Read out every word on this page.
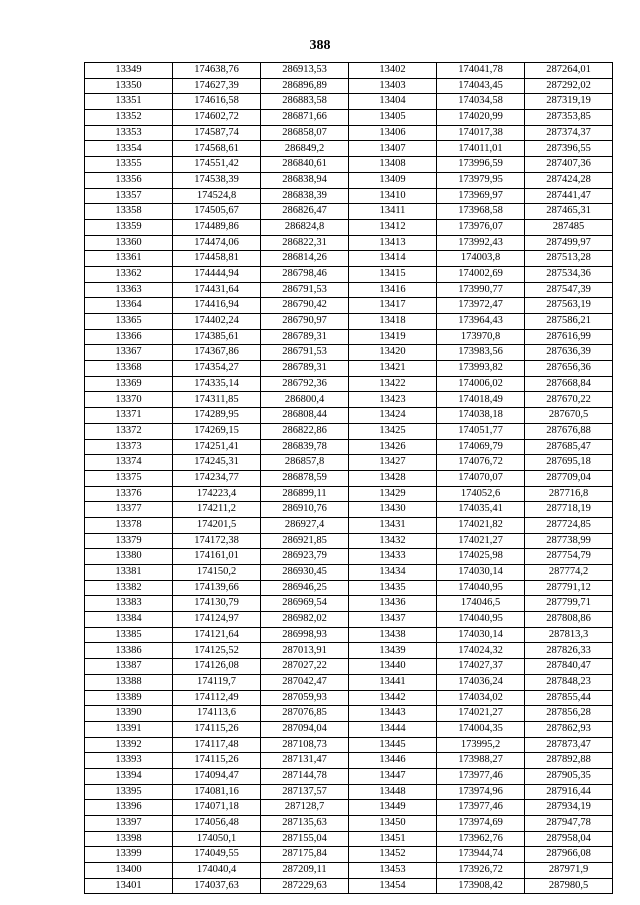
388
13349	174638,76	286913,53	13402	174041,78	287264,01
13350	174627,39	286896,89	13403	174043,45	287292,02
13351	174616,58	286883,58	13404	174034,58	287319,19
13352	174602,72	286871,66	13405	174020,99	287353,85
13353	174587,74	286858,07	13406	174017,38	287374,37
13354	174568,61	286849,2	13407	174011,01	287396,55
13355	174551,42	286840,61	13408	173996,59	287407,36
13356	174538,39	286838,94	13409	173979,95	287424,28
13357	174524,8	286838,39	13410	173969,97	287441,47
13358	174505,67	286826,47	13411	173968,58	287465,31
13359	174489,86	286824,8	13412	173976,07	287485
13360	174474,06	286822,31	13413	173992,43	287499,97
13361	174458,81	286814,26	13414	174003,8	287513,28
13362	174444,94	286798,46	13415	174002,69	287534,36
13363	174431,64	286791,53	13416	173990,77	287547,39
13364	174416,94	286790,42	13417	173972,47	287563,19
13365	174402,24	286790,97	13418	173964,43	287586,21
13366	174385,61	286789,31	13419	173970,8	287616,99
13367	174367,86	286791,53	13420	173983,56	287636,39
13368	174354,27	286789,31	13421	173993,82	287656,36
13369	174335,14	286792,36	13422	174006,02	287668,84
13370	174311,85	286800,4	13423	174018,49	287670,22
13371	174289,95	286808,44	13424	174038,18	287670,5
13372	174269,15	286822,86	13425	174051,77	287676,88
13373	174251,41	286839,78	13426	174069,79	287685,47
13374	174245,31	286857,8	13427	174076,72	287695,18
13375	174234,77	286878,59	13428	174070,07	287709,04
13376	174223,4	286899,11	13429	174052,6	287716,8
13377	174211,2	286910,76	13430	174035,41	287718,19
13378	174201,5	286927,4	13431	174021,82	287724,85
13379	174172,38	286921,85	13432	174021,27	287738,99
13380	174161,01	286923,79	13433	174025,98	287754,79
13381	174150,2	286930,45	13434	174030,14	287774,2
13382	174139,66	286946,25	13435	174040,95	287791,12
13383	174130,79	286969,54	13436	174046,5	287799,71
13384	174124,97	286982,02	13437	174040,95	287808,86
13385	174121,64	286998,93	13438	174030,14	287813,3
13386	174125,52	287013,91	13439	174024,32	287826,33
13387	174126,08	287027,22	13440	174027,37	287840,47
13388	174119,7	287042,47	13441	174036,24	287848,23
13389	174112,49	287059,93	13442	174034,02	287855,44
13390	174113,6	287076,85	13443	174021,27	287856,28
13391	174115,26	287094,04	13444	174004,35	287862,93
13392	174117,48	287108,73	13445	173995,2	287873,47
13393	174115,26	287131,47	13446	173988,27	287892,88
13394	174094,47	287144,78	13447	173977,46	287905,35
13395	174081,16	287137,57	13448	173974,96	287916,44
13396	174071,18	287128,7	13449	173977,46	287934,19
13397	174056,48	287135,63	13450	173974,69	287947,78
13398	174050,1	287155,04	13451	173962,76	287958,04
13399	174049,55	287175,84	13452	173944,74	287966,08
13400	174040,4	287209,11	13453	173926,72	287971,9
13401	174037,63	287229,63	13454	173908,42	287980,5
